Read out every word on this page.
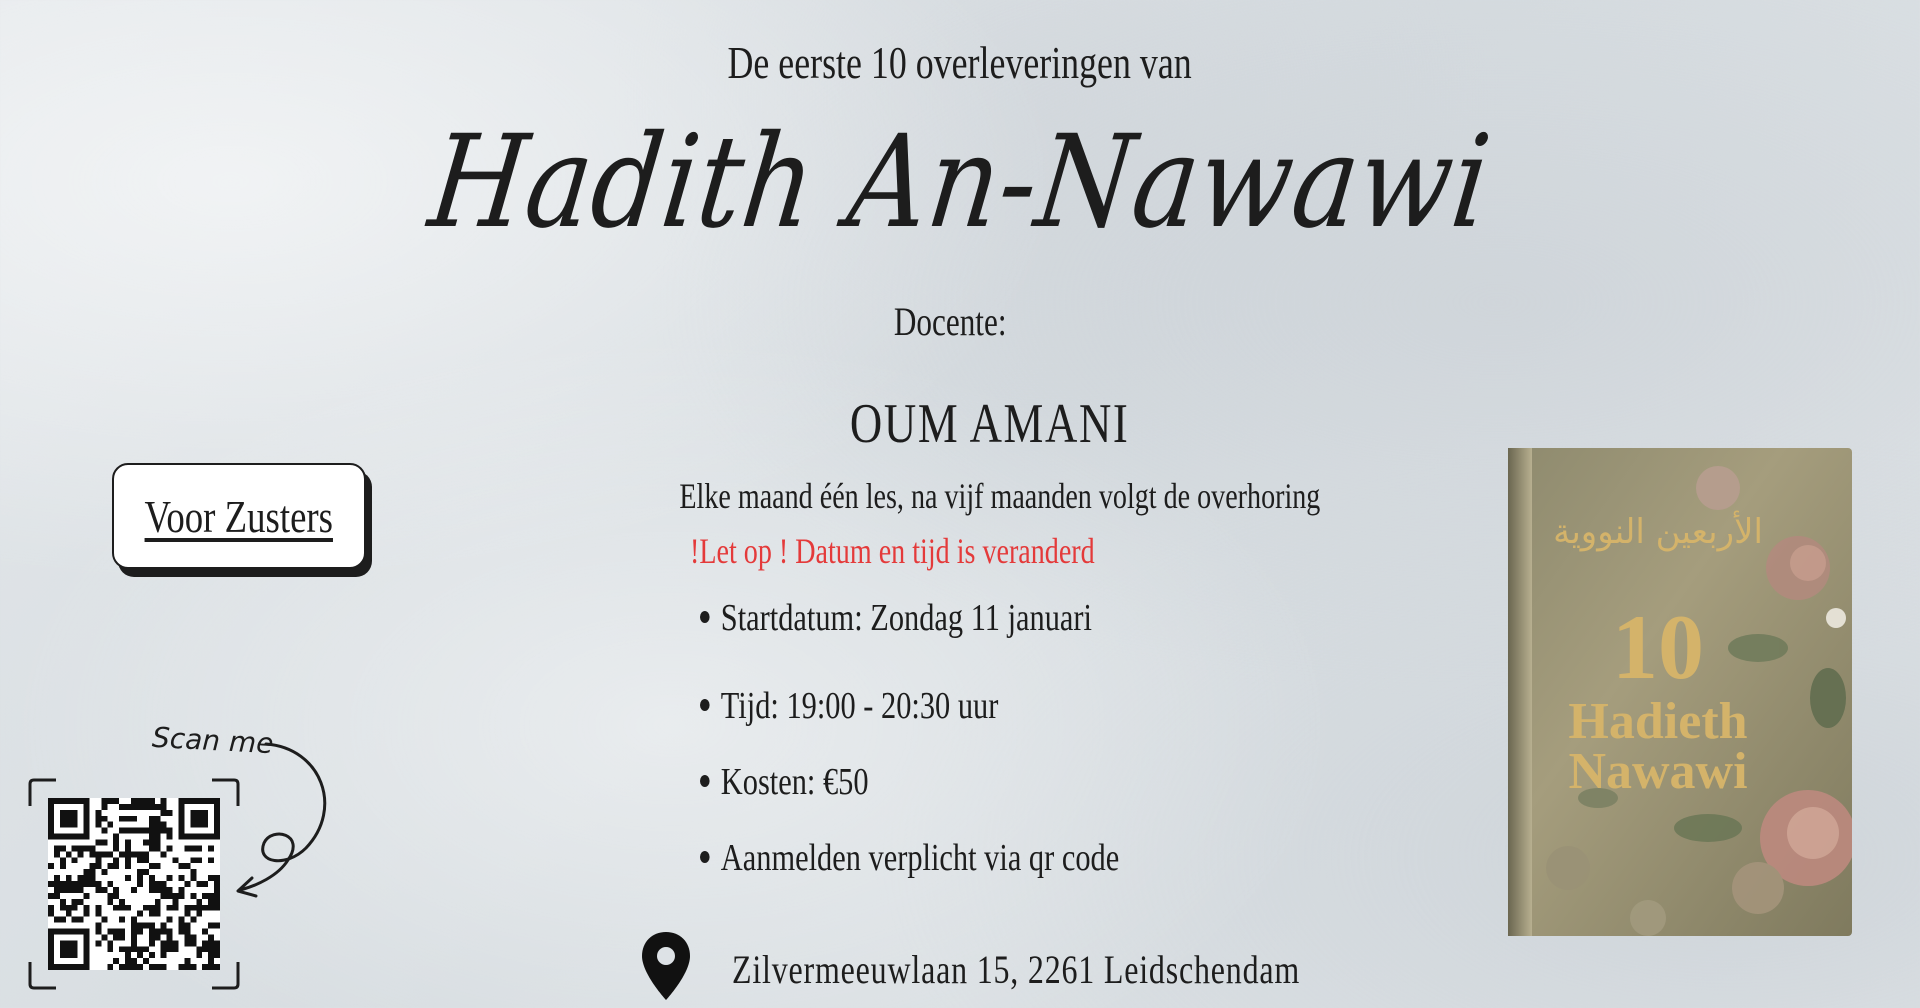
De eerste 10 overleveringen van
Hadith An-Nawawi
Docente:
OUM AMANI
Elke maand één les, na vijf maanden volgt de overhoring
!Let op ! Datum en tijd is veranderd
Startdatum: Zondag 11 januari
Tijd: 19:00 - 20:30 uur
Kosten: €50
Aanmelden verplicht via qr code
Voor Zusters
Scan me
الأربعين النووية
10
Hadieth
Nawawi
Zilvermeeuwlaan 15, 2261 Leidschendam
